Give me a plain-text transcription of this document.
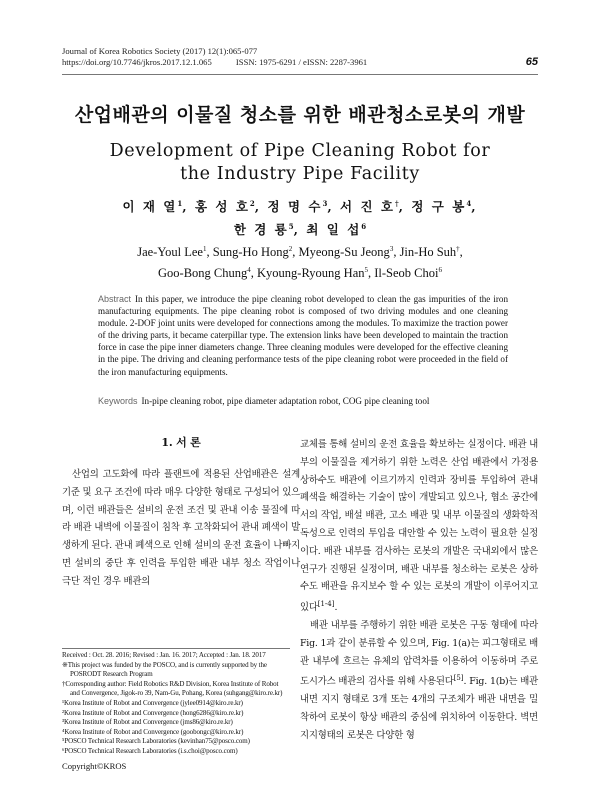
Journal of Korea Robotics Society (2017) 12(1):065-077
https://doi.org/10.7746/jkros.2017.12.1.065	ISSN: 1975-6291 / eISSN: 2287-3961	65
산업배관의 이물질 청소를 위한 배관청소로봇의 개발
Development of Pipe Cleaning Robot for
the Industry Pipe Facility
이 재 열$^1$, 홍 성 호$^2$, 정 명 수$^3$, 서 진 호†, 정 구 봉$^4$,
한 경 룡$^5$, 최 일 섭$^6$
Jae-Youl Lee$^1$, Sung-Ho Hong$^2$, Myeong-Su Jeong$^3$, Jin-Ho Suh†,
Goo-Bong Chung$^4$, Kyoung-Ryoung Han$^5$, Il-Seob Choi$^6$
Abstract In this paper, we introduce the pipe cleaning robot developed to clean the gas impurities of the iron manufacturing equipments. The pipe cleaning robot is composed of two driving modules and one cleaning module. 2-DOF joint units were developed for connections among the modules. To maximize the traction power of the driving parts, it became caterpillar type. The extension links have been developed to maintain the traction force in case the pipe inner diameters change. Three cleaning modules were developed for the effective cleaning in the pipe. The driving and cleaning performance tests of the pipe cleaning robot were proceeded in the field of the iron manufacturing equipments.
Keywords In-pipe cleaning robot, pipe diameter adaptation robot, COG pipe cleaning tool
1. 서 론

산업의 고도화에 따라 플랜트에 적용된 산업배관은 설계 기준 및 요구 조건에 따라 매우 다양한 형태로 구성되어 있으며, 이런 배관들은 설비의 운전 조건 및 관내 이송 물질에 따라 배관 내벽에 이물질이 침착 후 고착화되어 관내 폐색이 발생하게 된다. 관내 폐색으로 인해 설비의 운전 효율이 나빠지면 설비의 중단 후 인력을 투입한 배관 내부 청소 작업이나 극단 적인 경우 배관의

교체를 통해 설비의 운전 효율을 확보하는 실정이다. 배관 내부의 이물질을 제거하기 위한 노력은 산업 배관에서 가정용 상하수도 배관에 이르기까지 인력과 장비를 투입하여 관내 폐색을 해결하는 기술이 많이 개발되고 있으나, 협소 공간에서의 작업, 배설 배관, 고소 배관 및 내부 이물질의 생화학적 독성으로 인력의 투입을 대안할 수 있는 노력이 필요한 실정이다. 배관 내부를 검사하는 로봇의 개발은 국내외에서 많은 연구가 진행된 실정이며, 배관 내부를 청소하는 로봇은 상하수도 배관을 유지보수 할 수 있는 로봇의 개발이 이루어지고 있다[1-4].

배관 내부를 주행하기 위한 배관 로봇은 구동 형태에 따라 Fig. 1과 같이 분류할 수 있으며, Fig. 1(a)는 피그형태로 배관 내부에 흐르는 유체의 압력차를 이용하여 이동하며 주로 도시가스 배관의 검사를 위해 사용된다[5]. Fig. 1(b)는 배관 내면 지지 형태로 3개 또는 4개의 구조체가 배관 내면을 밀착하여 로봇이 항상 배관의 중심에 위치하여 이동한다. 벽면지지형태의 로봇은 다양한 형

Received : Oct. 28. 2016; Revised : Jan. 16. 2017; Accepted : Jan. 18. 2017
※This project was funded by the POSCO, and is currently supported by the
POSRODT Research Program
†Corresponding author: Field Robotics R&D Division, Korea Institute of Robot
and Convergence, Jigok-ro 39, Nam-Gu, Pohang, Korea (suhgang@kiro.re.kr)
¹Korea Institute of Robot and Convergence (jylee0914@kiro.re.kr)
²Korea Institute of Robot and Convergence (hong6286@kiro.re.kr)
³Korea Institute of Robot and Convergence (jms86@kiro.re.kr)
⁴Korea Institute of Robot and Convergence (goobongc@kiro.re.kr)
⁵POSCO Technical Research Laboratories (kevinhan75@posco.com)
⁶POSCO Technical Research Laboratories (i.s.choi@posco.com)
Copyright©KROS
